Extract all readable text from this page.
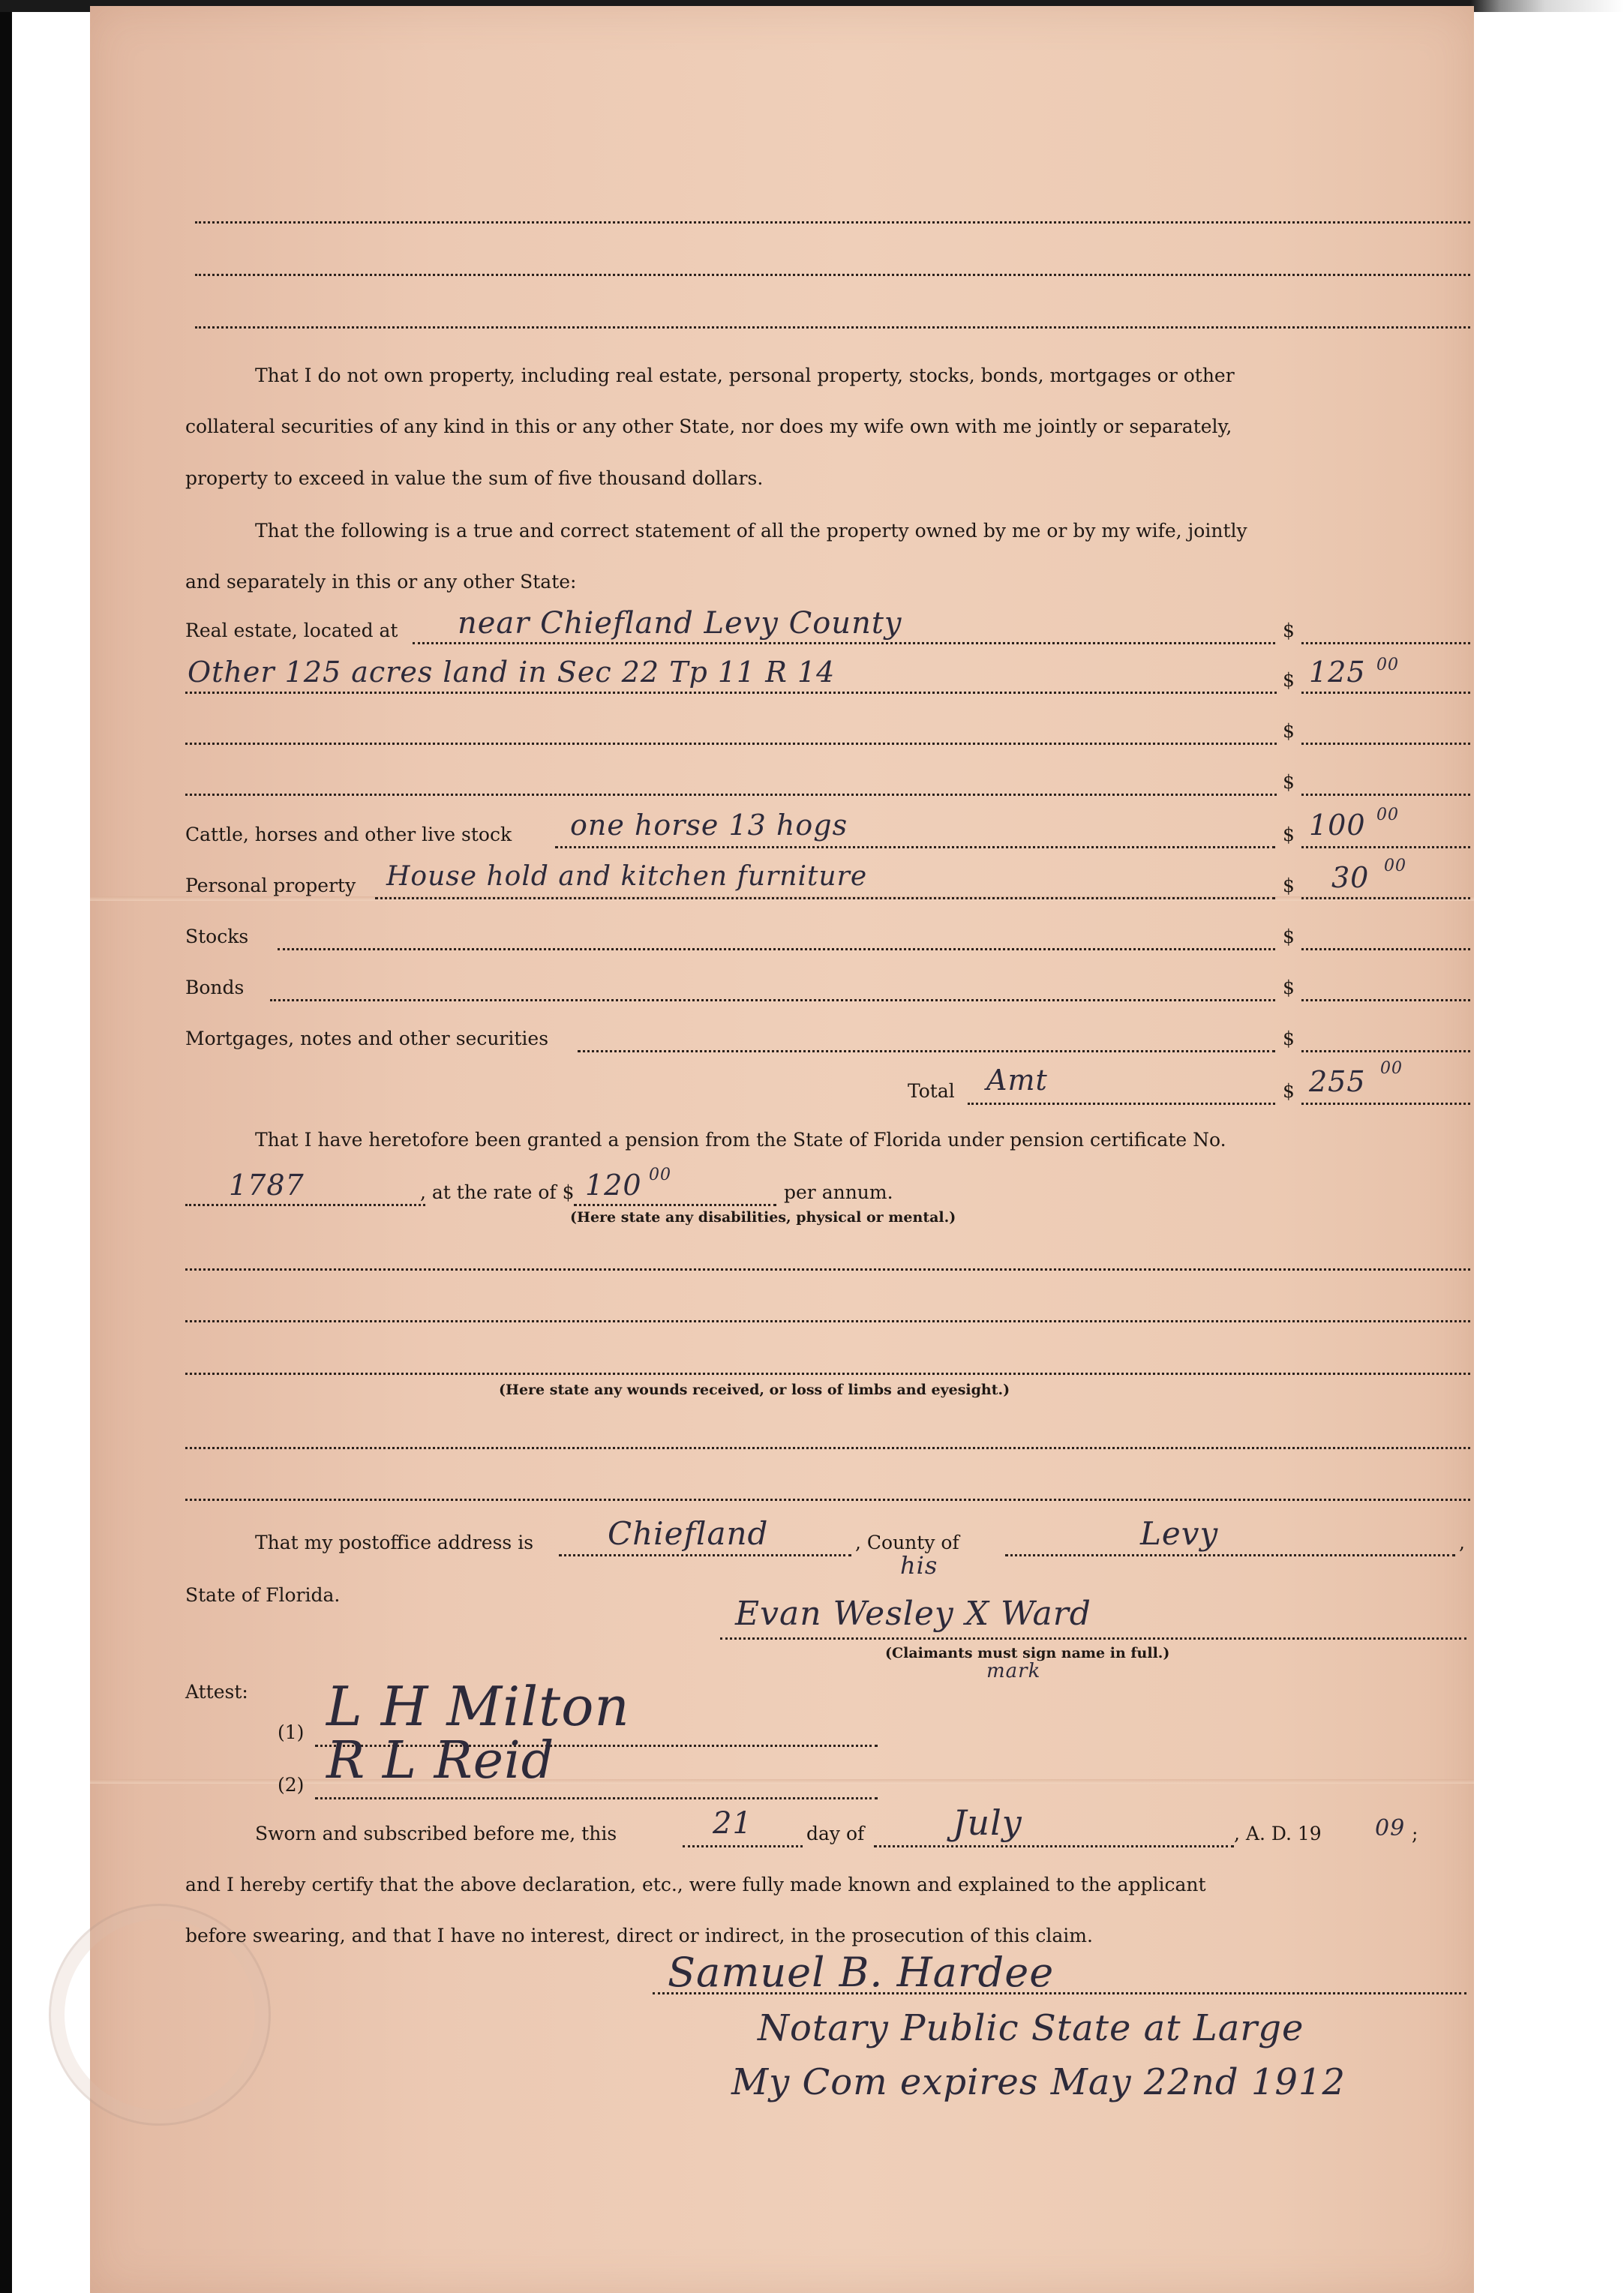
That I do not own property, including real estate, personal property, stocks, bonds, mortgages or other
collateral securities of any kind in this or any other State, nor does my wife own with me jointly or separately,
property to exceed in value the sum of five thousand dollars.
That the following is a true and correct statement of all the property owned by me or by my wife, jointly
and separately in this or any other State:
Real estate, located at near Chiefland Levy County	$
Other 125 acres land in Sec 22 Tp 11 R 14	$ 125 00
$
$
Cattle, horses and other live stock one horse 13 hogs	$ 100 00
Personal property House hold and kitchen furniture	$ 30 00
Stocks	$
Bonds	$
Mortgages, notes and other securities	$
Total Amt	$ 255 00
That I have heretofore been granted a pension from the State of Florida under pension certificate No.
1787	, at the rate of $ 120 00
per annum.
(Here state any disabilities, physical or mental.)
(Here state any wounds received, or loss of limbs and eyesight.)
That my postoffice address is Chiefland	, County of	Levy	,
State of Florida.
his
Evan Wesley X Ward
(Claimants must sign name in full.)
mark
Attest:
(1) L H Milton
(2) R L Reid
Sworn and subscribed before me, this	21	day of	July	, A. D. 19 09 ;
and I hereby certify that the above declaration, etc., were fully made known and explained to the applicant
before swearing, and that I have no interest, direct or indirect, in the prosecution of this claim.
Samuel B. Hardee
Notary Public State at Large
My Com expires May 22nd 1912
